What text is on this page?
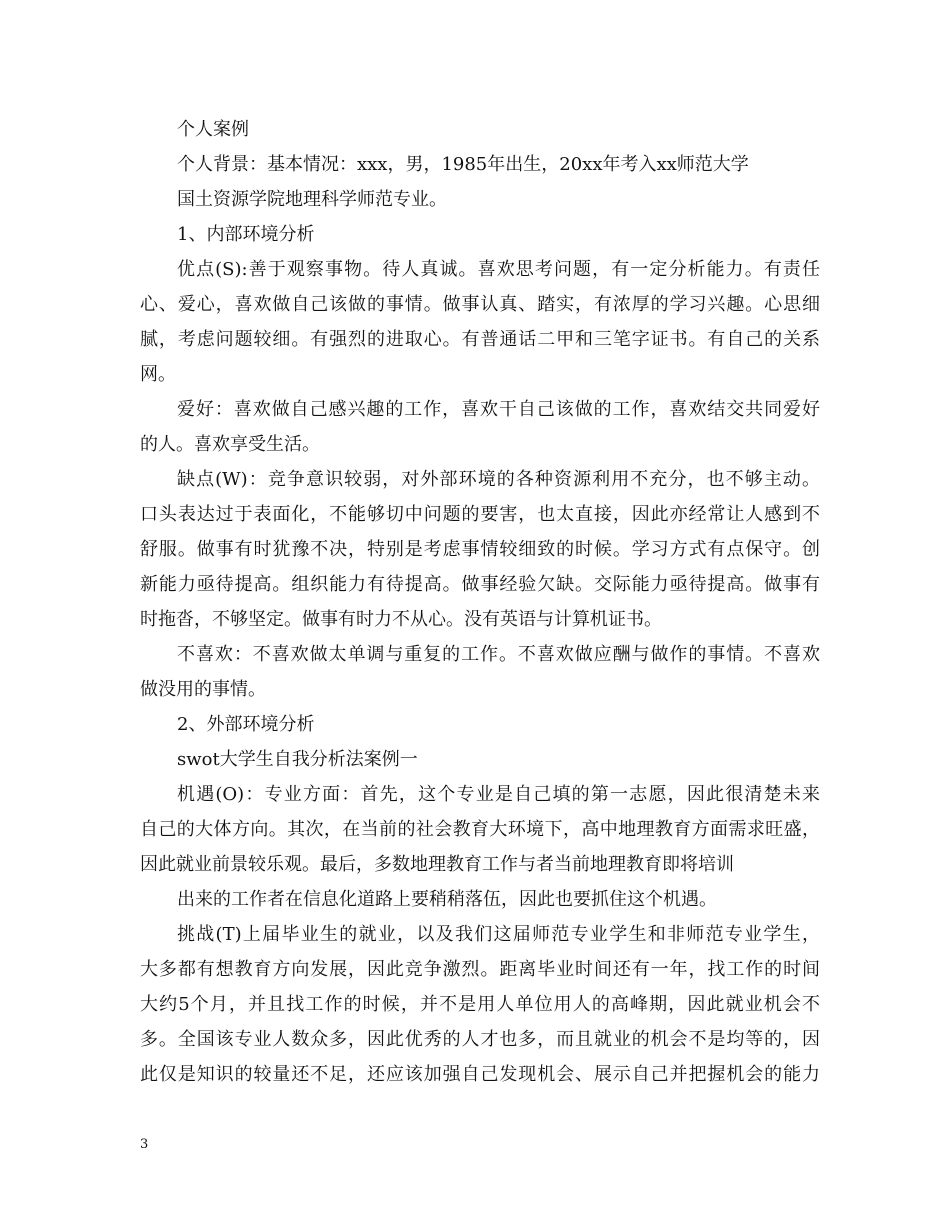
个人案例
个人背景：基本情况：xxx，男，1985年出生，20xx年考入xx师范大学
国土资源学院地理科学师范专业。
1、内部环境分析
优点(S):善于观察事物。待人真诚。喜欢思考问题，有一定分析能力。有责任
心、爱心，喜欢做自己该做的事情。做事认真、踏实，有浓厚的学习兴趣。心思细
腻，考虑问题较细。有强烈的进取心。有普通话二甲和三笔字证书。有自己的关系
网。
爱好：喜欢做自己感兴趣的工作，喜欢干自己该做的工作，喜欢结交共同爱好
的人。喜欢享受生活。
缺点(W)：竞争意识较弱，对外部环境的各种资源利用不充分，也不够主动。
口头表达过于表面化，不能够切中问题的要害，也太直接，因此亦经常让人感到不
舒服。做事有时犹豫不决，特别是考虑事情较细致的时候。学习方式有点保守。创
新能力亟待提高。组织能力有待提高。做事经验欠缺。交际能力亟待提高。做事有
时拖沓，不够坚定。做事有时力不从心。没有英语与计算机证书。
不喜欢：不喜欢做太单调与重复的工作。不喜欢做应酬与做作的事情。不喜欢
做没用的事情。
2、外部环境分析
swot大学生自我分析法案例一
机遇(O)：专业方面：首先，这个专业是自己填的第一志愿，因此很清楚未来
自己的大体方向。其次，在当前的社会教育大环境下，高中地理教育方面需求旺盛，
因此就业前景较乐观。最后，多数地理教育工作与者当前地理教育即将培训
出来的工作者在信息化道路上要稍稍落伍，因此也要抓住这个机遇。
挑战(T)上届毕业生的就业，以及我们这届师范专业学生和非师范专业学生，
大多都有想教育方向发展，因此竞争激烈。距离毕业时间还有一年，找工作的时间
大约5个月，并且找工作的时候，并不是用人单位用人的高峰期，因此就业机会不
多。全国该专业人数众多，因此优秀的人才也多，而且就业的机会不是均等的，因
此仅是知识的较量还不足，还应该加强自己发现机会、展示自己并把握机会的能力
3
